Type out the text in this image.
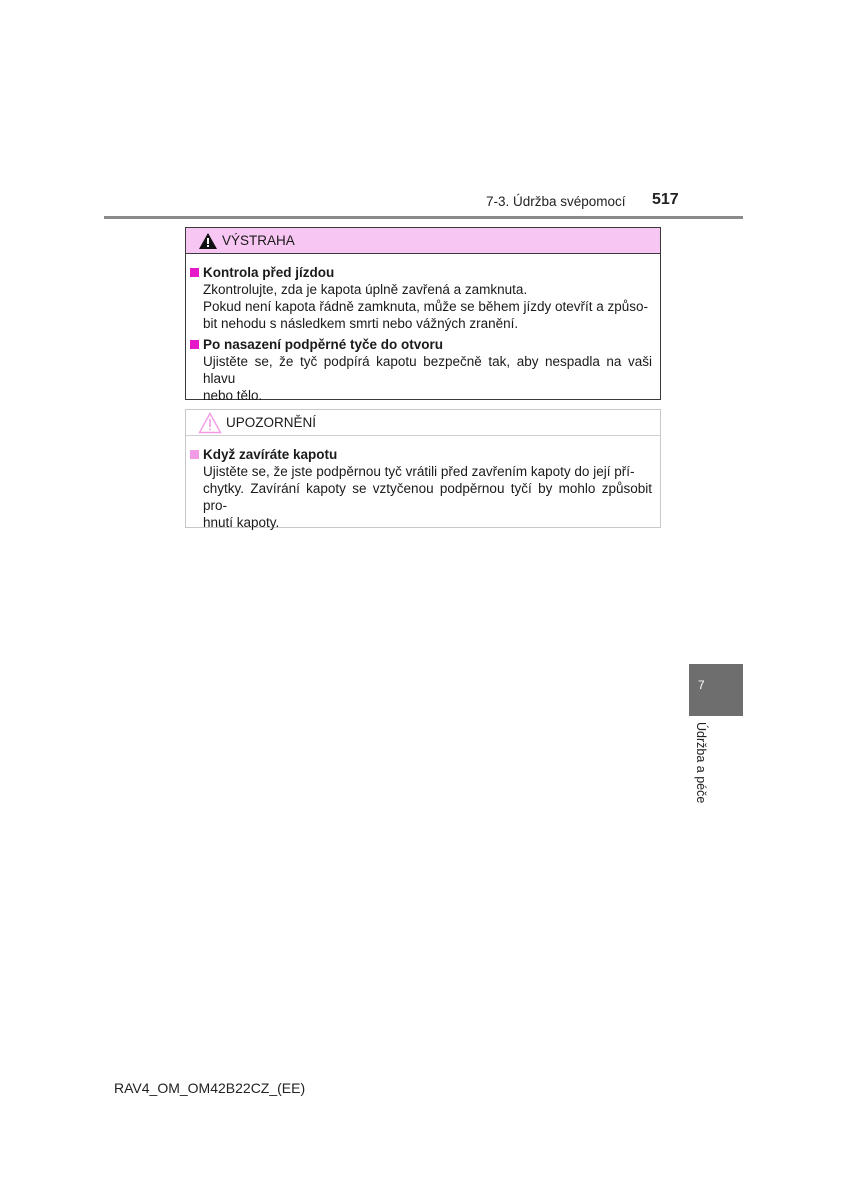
7-3. Údržba svépomocí 517
VÝSTRAHA
Kontrola před jízdou
Zkontrolujte, zda je kapota úplně zavřená a zamknuta.
Pokud není kapota řádně zamknuta, může se během jízdy otevřít a způso-
bit nehodu s následkem smrti nebo vážných zranění.
Po nasazení podpěrné tyče do otvoru
Ujistěte se, že tyč podpírá kapotu bezpečně tak, aby nespadla na vaši hlavu
nebo tělo.
UPOZORNĚNÍ
Když zavíráte kapotu
Ujistěte se, že jste podpěrnou tyč vrátili před zavřením kapoty do její pří-
chytky. Zavírání kapoty se vztyčenou podpěrnou tyčí by mohlo způsobit pro-
hnutí kapoty.
7
Údržba a péče
RAV4_OM_OM42B22CZ_(EE)
